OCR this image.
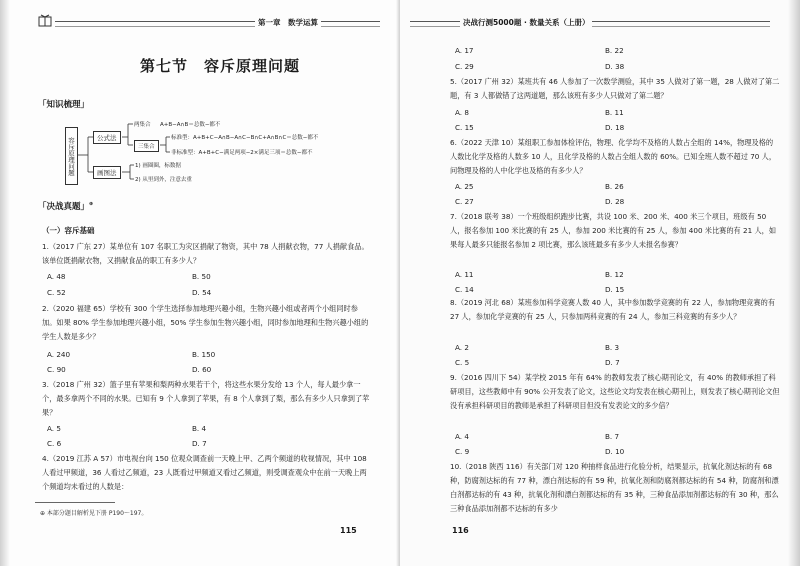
第一章　数学运算
第七节　容斥原理问题
「知识梳理」
容斥原理问题	公式法
画图法
两集合 A+B−A∩B＝总数−都不
三集合
标准型：A+B+C−A∩B−A∩C−B∩C+A∩B∩C＝总数−都不
非标准型：A+B+C−满足两项−2×满足三项＝总数−都不
1) 画圈圈，标数据
2) 从里到外，注意去重
「决战真题」⊕
（一）容斥基础
1.（2017 广东 27）某单位有 107 名职工为灾区捐献了物资，其中 78 人捐献衣物，77 人捐献食品。该单位既捐献衣物，又捐献食品的职工有多少人？
A. 48	B. 50
C. 52	D. 54
2.（2020 福建 65）学校有 300 个学生选择参加地理兴趣小组，生物兴趣小组或者两个小组同时参加。如果 80% 学生参加地理兴趣小组，50% 学生参加生物兴趣小组，同时参加地理和生物兴趣小组的学生人数是多少？
A. 240	B. 150
C. 90	D. 60
3.（2018 广州 32）篮子里有苹果和梨两种水果若干个，将这些水果分发给 13 个人，每人最少拿一个，最多拿两个不同的水果。已知有 9 个人拿到了苹果，有 8 个人拿到了梨，那么有多少人只拿到了苹果？
A. 5	B. 4
C. 6	D. 7
4.（2019 江苏 A 57）市电视台向 150 位观众调查前一天晚上甲、乙两个频道的收视情况，其中 108 人看过甲频道，36 人看过乙频道，23 人既看过甲频道又看过乙频道，则受调查观众中在前一天晚上两个频道均未看过的人数是：
⊕ 本部分题目解析见下册 P190～197。
115
决战行测5000题 · 数量关系（上册）
A. 17	B. 22
C. 29	D. 38
5.（2017 广州 32）某班共有 46 人参加了一次数学测验，其中 35 人做对了第一题，28 人做对了第二题，有 3 人都做错了这两道题，那么该班有多少人只做对了第二题？
A. 8	B. 11
C. 15	D. 18
6.（2022 天津 10）某组职工参加体检评估，物理、化学均不及格的人数占全组的 14%，物理及格的人数比化学及格的人数多 10 人，且化学及格的人数占全组人数的 60%。已知全班人数不超过 70 人，问物理及格的人中化学也及格的有多少人？
A. 25	B. 26
C. 27	D. 28
7.（2018 联考 38）一个班级组织跑步比赛，共设 100 米、200 米、400 米三个项目，班级有 50 人，报名参加 100 米比赛的有 25 人，参加 200 米比赛的有 25 人，参加 400 米比赛的有 21 人，如果每人最多只能报名参加 2 项比赛，那么该班最多有多少人未报名参赛？
A. 11	B. 12
C. 14	D. 15
8.（2019 河北 68）某班参加科学竞赛人数 40 人，其中参加数学竞赛的有 22 人，参加物理竞赛的有 27 人，参加化学竞赛的有 25 人，只参加两科竞赛的有 24 人，参加三科竞赛的有多少人？
A. 2	B. 3
C. 5	D. 7
9.（2016 四川下 54）某学校 2015 年有 64% 的教师发表了核心期刊论文，有 40% 的教师承担了科研项目，这些教师中有 90% 公开发表了论文，这些论文均发表在核心期刊上，则发表了核心期刊论文但没有承担科研项目的教师是承担了科研项目但没有发表论文的多少倍？
A. 4	B. 7
C. 9	D. 10
10.（2018 陕西 116）有关部门对 120 种抽样食品进行化验分析，结果显示，抗氧化剂达标的有 68 种，防腐剂达标的有 77 种，漂白剂达标的有 59 种，抗氧化剂和防腐剂都达标的有 54 种，防腐剂和漂白剂都达标的有 43 种，抗氧化剂和漂白剂都达标的有 35 种，三种食品添加剂都达标的有 30 种，那么三种食品添加剂都不达标的有多少
116
